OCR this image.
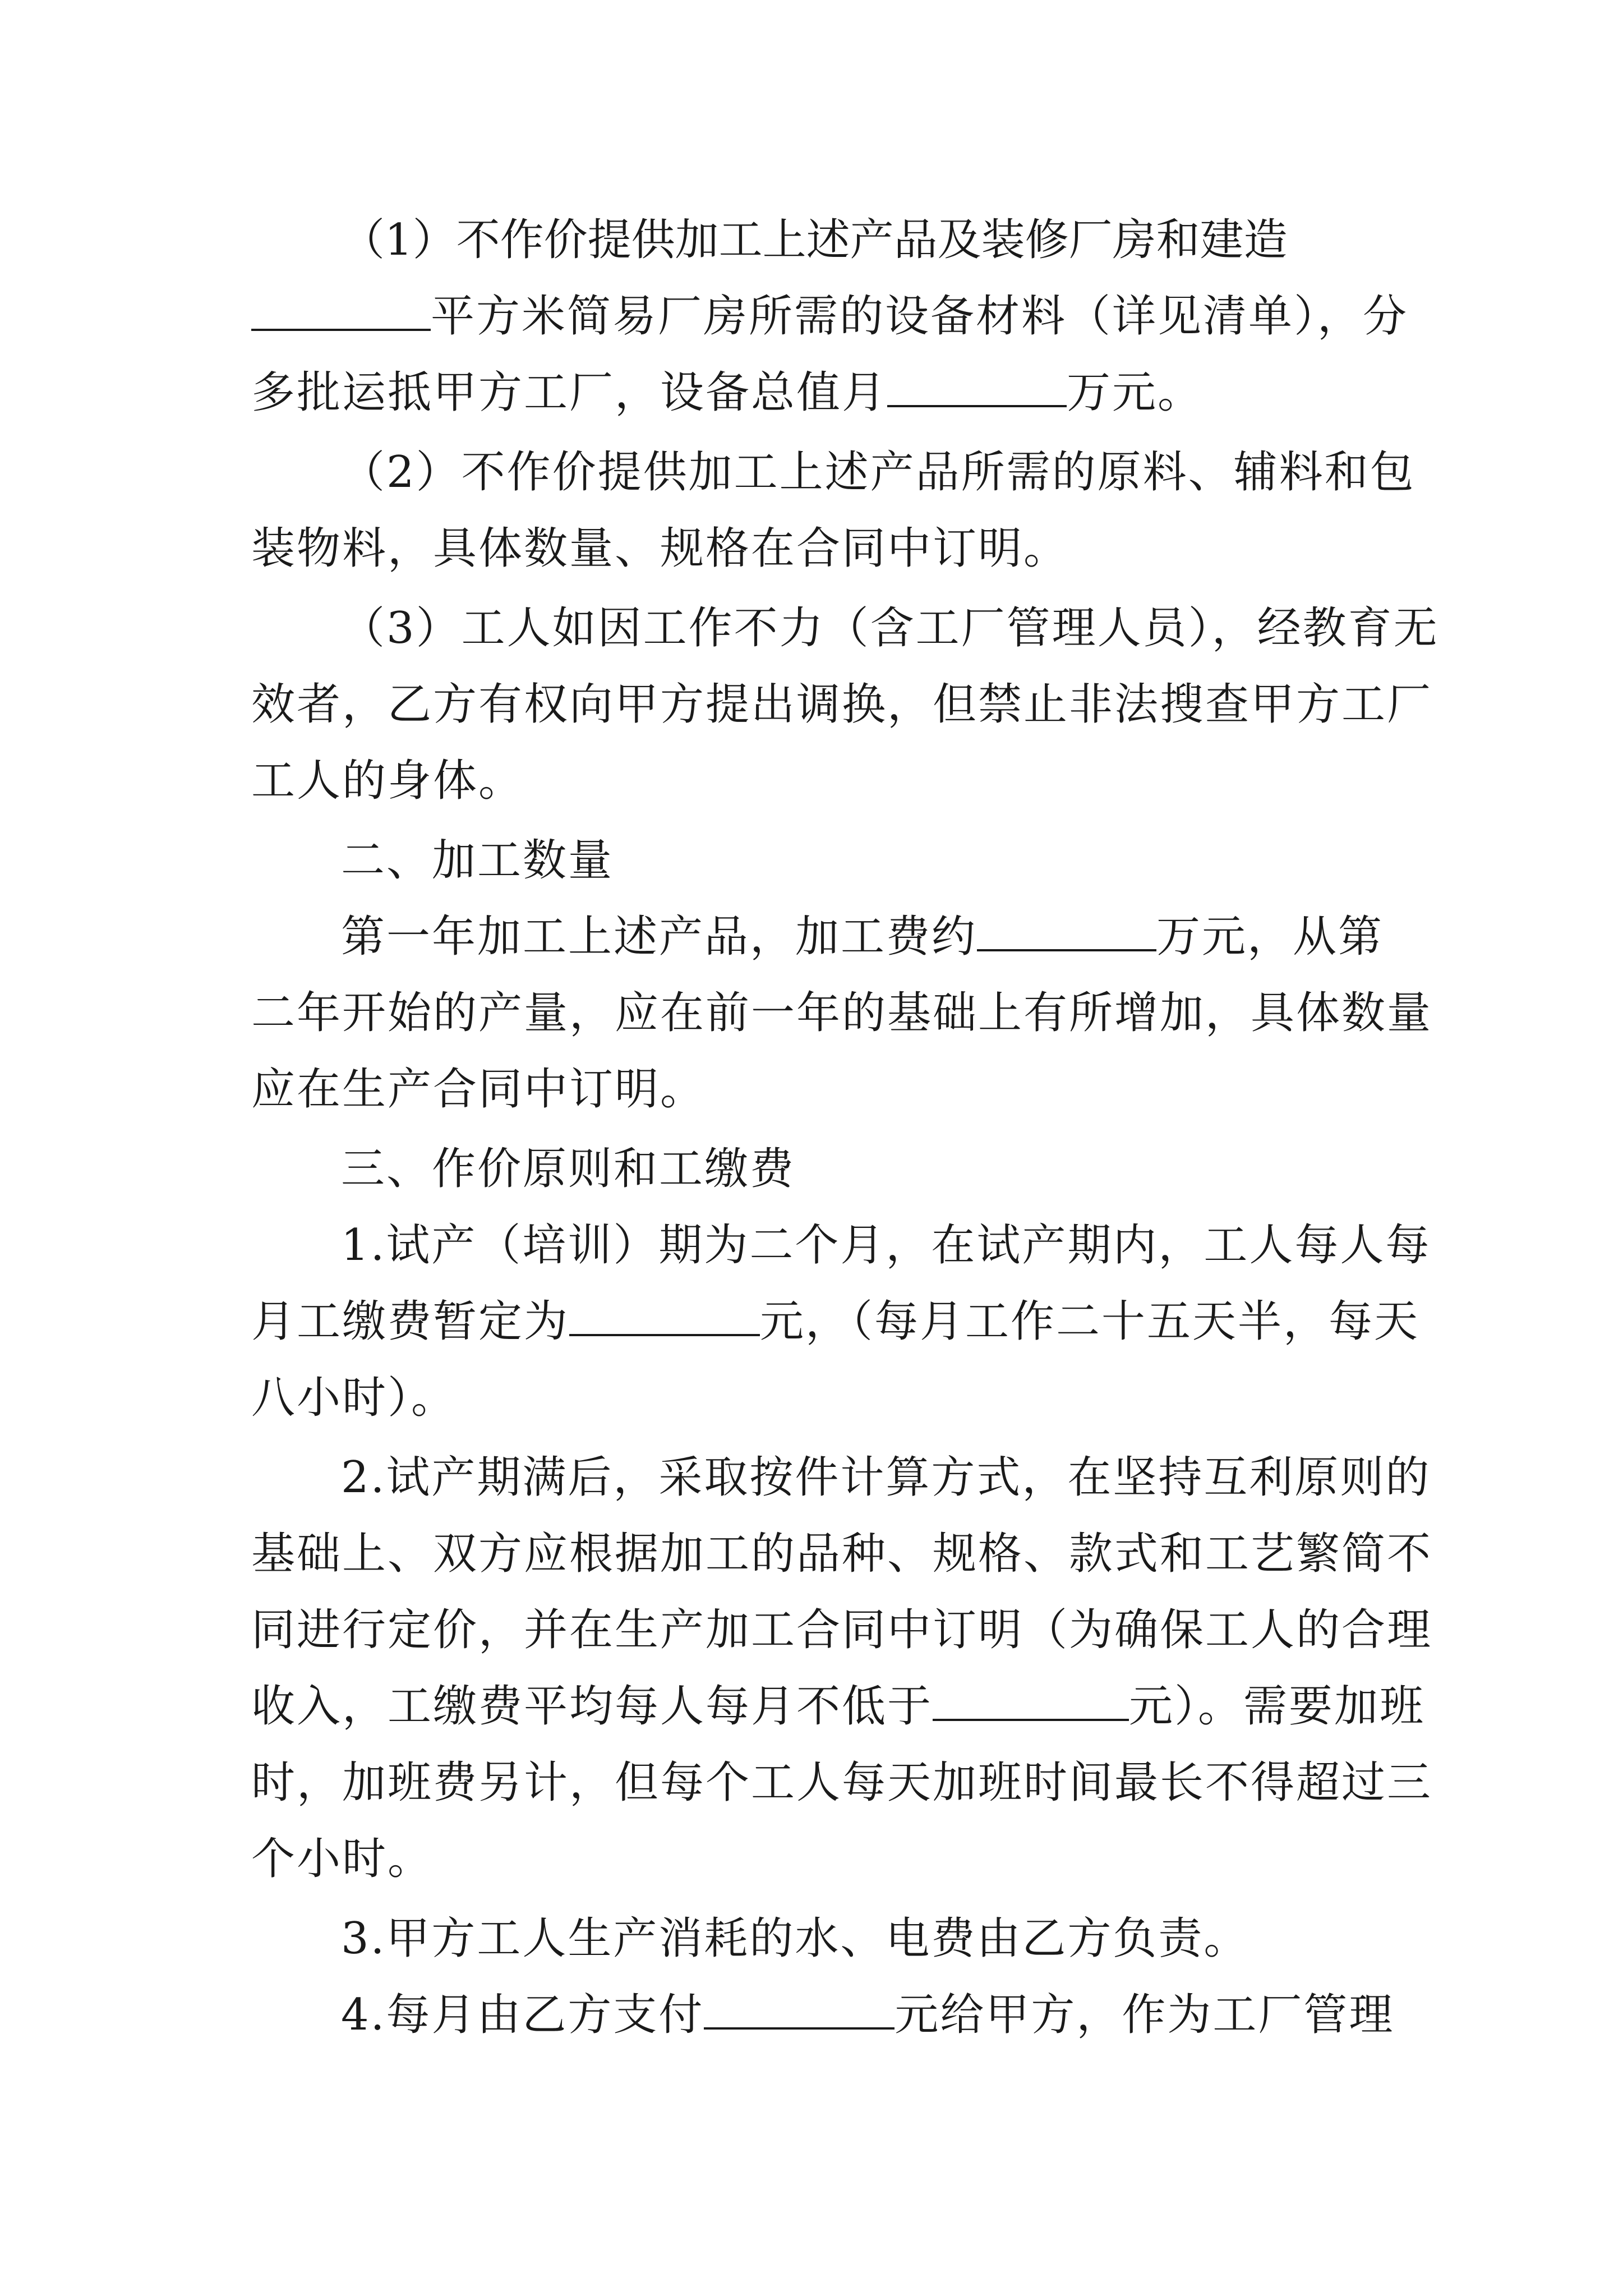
（1）不作价提供加工上述产品及装修厂房和建造
平方米简易厂房所需的设备材料（详见清单），分
多批运抵甲方工厂，设备总值月	万元。
（2）不作价提供加工上述产品所需的原料、辅料和包
装物料，具体数量、规格在合同中订明。
（3）工人如因工作不力（含工厂管理人员），经教育无
效者，乙方有权向甲方提出调换，但禁止非法搜查甲方工厂
工人的身体。
二、加工数量
第一年加工上述产品，加工费约	万元，从第
二年开始的产量，应在前一年的基础上有所增加，具体数量
应在生产合同中订明。
三、作价原则和工缴费
1.试产（培训）期为二个月，在试产期内，工人每人每
月工缴费暂定为	元，（每月工作二十五天半，每天
八小时）。
2.试产期满后，采取按件计算方式，在坚持互利原则的
基础上、双方应根据加工的品种、规格、款式和工艺繁简不
同进行定价，并在生产加工合同中订明（为确保工人的合理
收入，工缴费平均每人每月不低于	元）。需要加班
时，加班费另计，但每个工人每天加班时间最长不得超过三
个小时。
3.甲方工人生产消耗的水、电费由乙方负责。
4.每月由乙方支付	元给甲方，作为工厂管理
